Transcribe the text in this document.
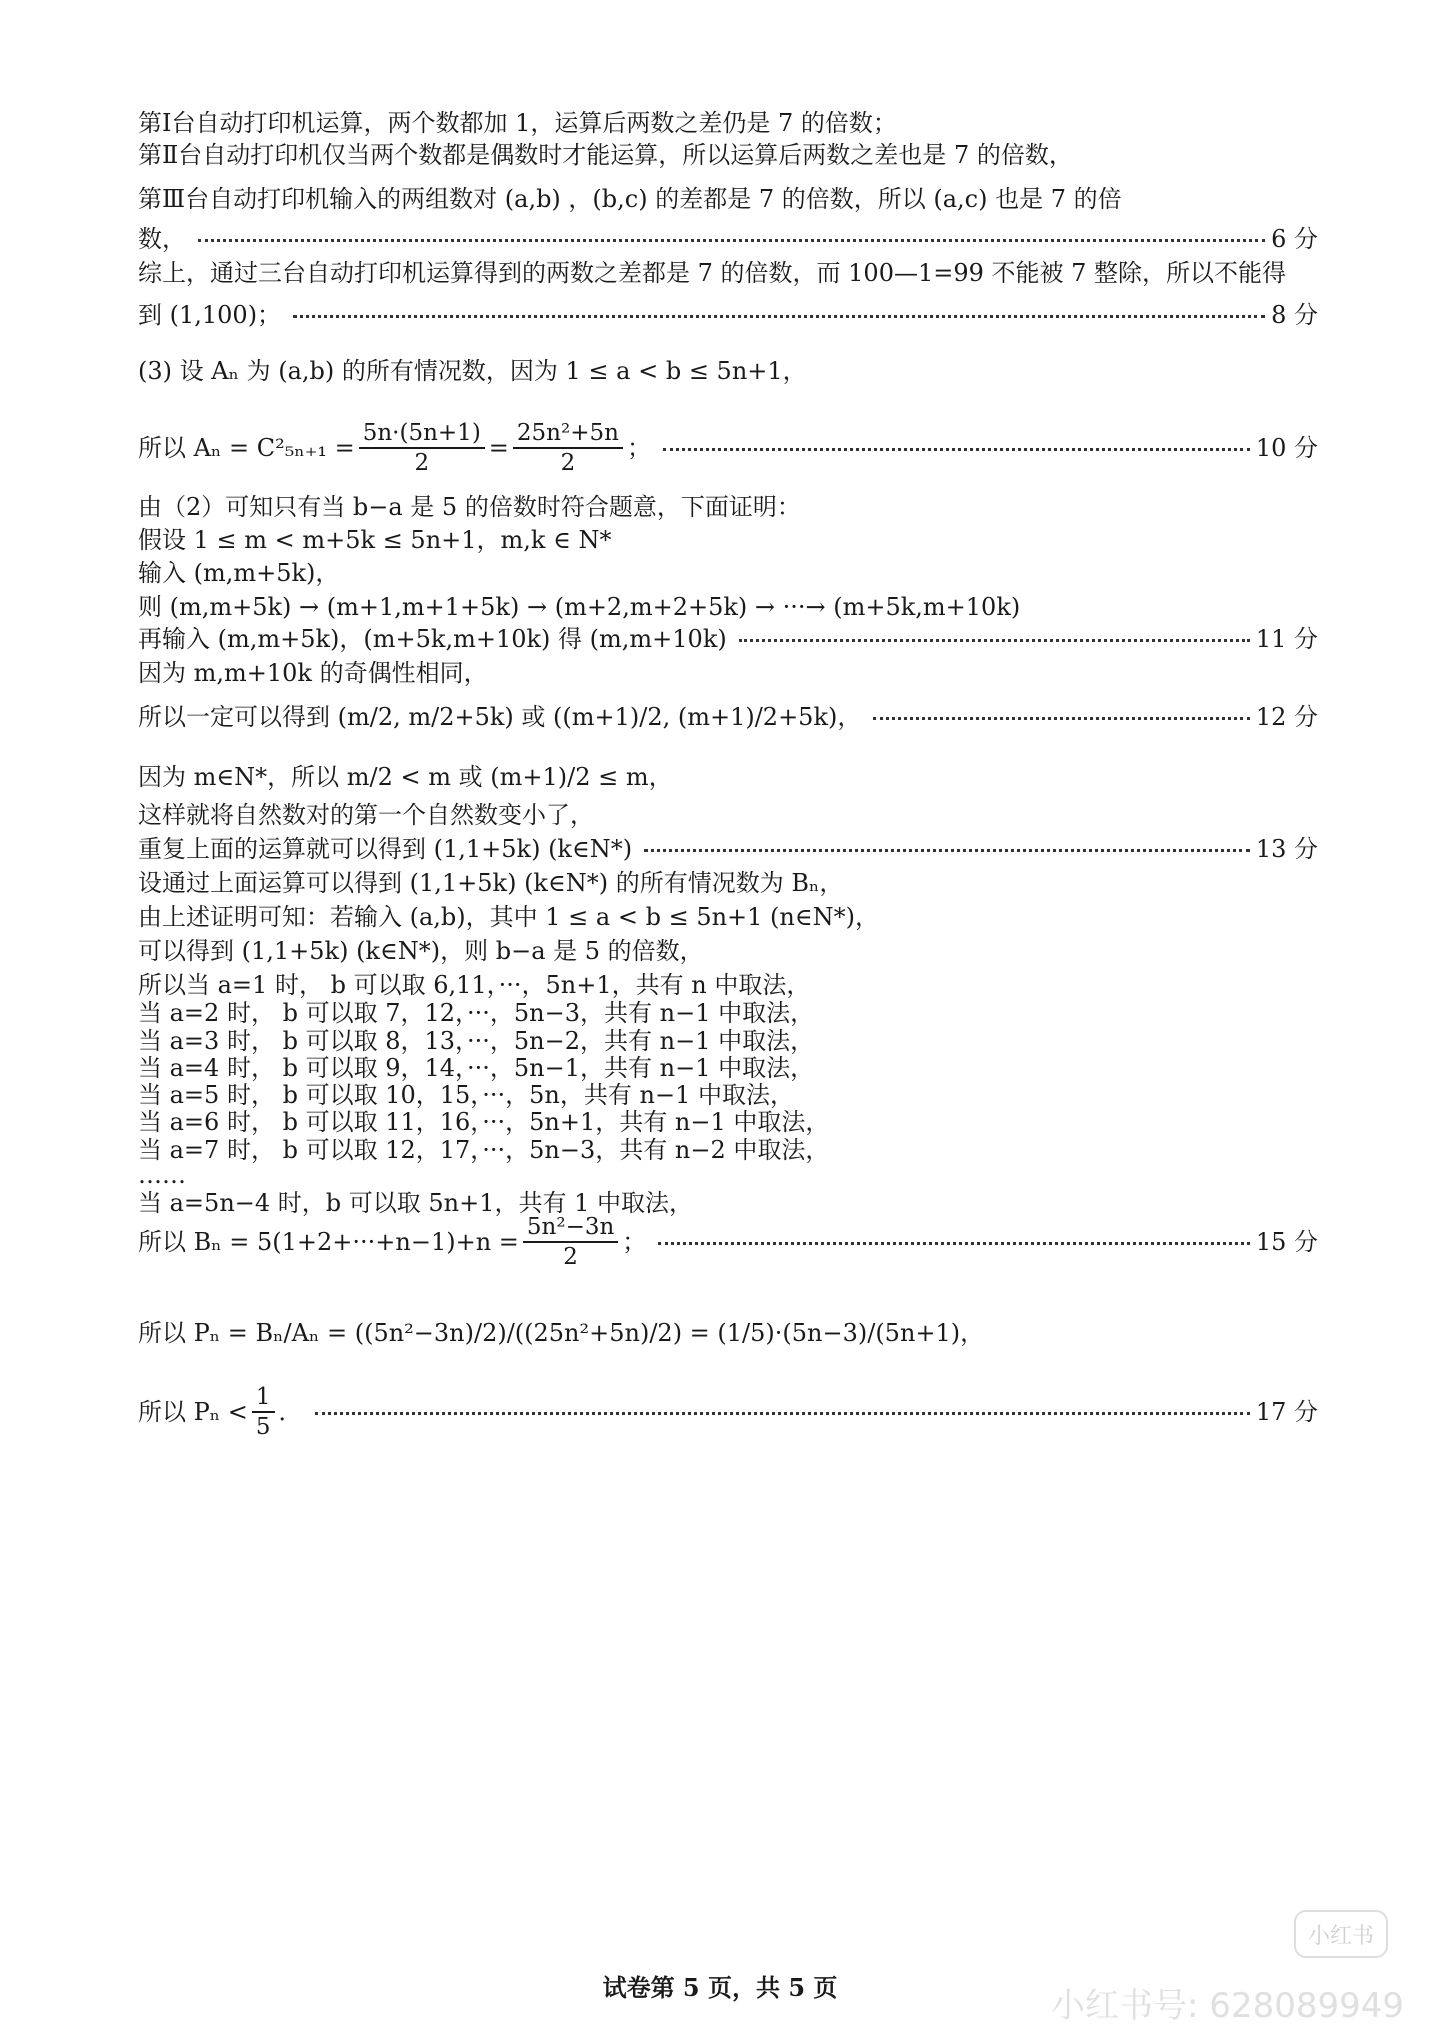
第Ⅰ台自动打印机运算，两个数都加 1，运算后两数之差仍是 7 的倍数；
第Ⅱ台自动打印机仅当两个数都是偶数时才能运算，所以运算后两数之差也是 7 的倍数，
第Ⅲ台自动打印机输入的两组数对 (a,b) ，(b,c) 的差都是 7 的倍数，所以 (a,c) 也是 7 的倍
数，	6 分
综上，通过三台自动打印机运算得到的两数之差都是 7 的倍数，而 100—1=99 不能被 7 整除，所以不能得
到 (1,100)；	8 分
(3) 设 Aₙ 为 (a,b) 的所有情况数，因为 1 ≤ a < b ≤ 5n+1，
所以 $A_n = C^2_{5n+1} = \frac{5n\cdot(5n+1)}{2} = \frac{\text{25n²+5n}}{2}$ ；	10 分
由（2）可知只有当 b−a 是 5 的倍数时符合题意，下面证明：
假设 1 ≤ m < m+5k ≤ 5n+1，m,k ∈ N*
输入 (m,m+5k)，
则 (m,m+5k) → (m+1,m+1+5k) → (m+2,m+2+5k) → ···→ (m+5k,m+10k)
再输入 (m,m+5k)，(m+5k,m+10k) 得 (m,m+10k)	11 分
因为 m,m+10k 的奇偶性相同，
所以一定可以得到 (m/2, m/2+5k) 或 ((m+1)/2, (m+1)/2+5k)，	12 分
因为 m∈N*，所以 m/2 < m 或 (m+1)/2 ≤ m，
这样就将自然数对的第一个自然数变小了，
重复上面的运算就可以得到 (1,1+5k) (k∈N*)	13 分
设通过上面运算可以得到 (1,1+5k) (k∈N*) 的所有情况数为 Bₙ，
由上述证明可知：若输入 (a,b)，其中 1 ≤ a < b ≤ 5n+1 (n∈N*)，
可以得到 (1,1+5k) (k∈N*)，则 b−a 是 5 的倍数，
所以当 a=1 时， b 可以取 6,11，···，5n+1，共有 n 中取法，
当 a=2 时， b 可以取 7，12，···，5n−3，共有 n−1 中取法，
当 a=3 时， b 可以取 8，13，···，5n−2，共有 n−1 中取法，
当 a=4 时， b 可以取 9，14，···，5n−1，共有 n−1 中取法，
当 a=5 时， b 可以取 10，15，···，5n，共有 n−1 中取法，
当 a=6 时， b 可以取 11，16，···，5n+1，共有 n−1 中取法，
当 a=7 时， b 可以取 12，17，···，5n−3，共有 n−2 中取法，
……
当 a=5n−4 时，b 可以取 5n+1，共有 1 中取法，
所以 $B_n = 5(1+2+\cdot\cdot\cdot+n-1)+n = \frac{\text{5n²−3n}}{2}$ ；	15 分
所以 Pₙ = Bₙ/Aₙ = ((5n²−3n)/2)/((25n²+5n)/2) = (1/5)·(5n−3)/(5n+1)，
所以 $P_n < \frac{1}{5}$ ．	17 分
试卷第 5 页，共 5 页
小红书
小红书号: 628089949
